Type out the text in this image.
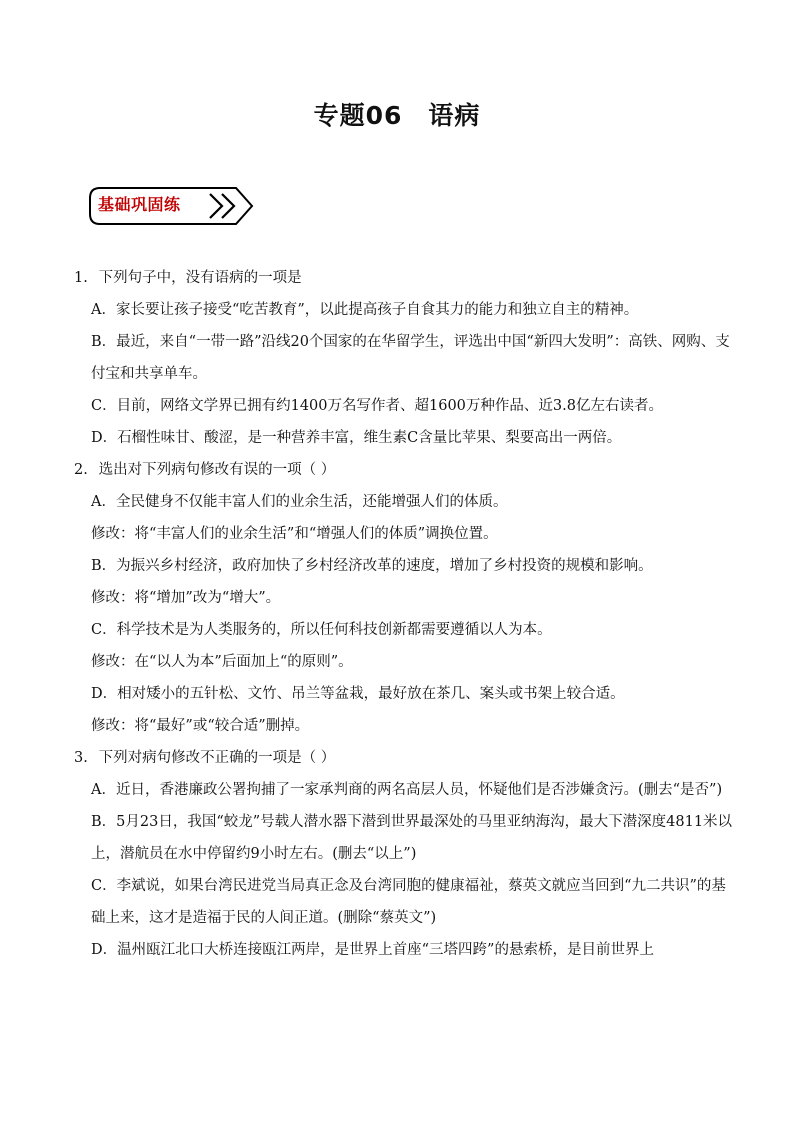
专题06 语病
基础巩固练

1. 下列句子中，没有语病的一项是

A．家长要让孩子接受“吃苦教育”，以此提高孩子自食其力的能力和独立自主的精神。

B．最近，来自“一带一路”沿线20个国家的在华留学生，评选出中国“新四大发明”：高铁、网购、支付宝和共享单车。

C．目前，网络文学界已拥有约1400万名写作者、超1600万种作品、近3.8亿左右读者。

D．石榴性味甘、酸涩，是一种营养丰富，维生素C含量比苹果、梨要高出一两倍。

2. 选出对下列病句修改有误的一项（ ）

A．全民健身不仅能丰富人们的业余生活，还能增强人们的体质。

修改：将“丰富人们的业余生活”和“增强人们的体质”调换位置。

B．为振兴乡村经济，政府加快了乡村经济改革的速度，增加了乡村投资的规模和影响。

修改：将“增加”改为“增大”。

C．科学技术是为人类服务的，所以任何科技创新都需要遵循以人为本。

修改：在“以人为本”后面加上“的原则”。

D．相对矮小的五针松、文竹、吊兰等盆栽，最好放在茶几、案头或书架上较合适。

修改：将“最好”或“较合适”删掉。

3. 下列对病句修改不正确的一项是（ ）

A．近日，香港廉政公署拘捕了一家承判商的两名高层人员，怀疑他们是否涉嫌贪污。(删去“是否”)

B．5月23日，我国“蛟龙”号载人潜水器下潜到世界最深处的马里亚纳海沟，最大下潜深度4811米以上，潜航员在水中停留约9小时左右。(删去“以上”)

C．李斌说，如果台湾民进党当局真正念及台湾同胞的健康福祉，蔡英文就应当回到“九二共识”的基础上来，这才是造福于民的人间正道。(删除“蔡英文”)

D．温州瓯江北口大桥连接瓯江两岸，是世界上首座“三塔四跨”的悬索桥，是目前世界上
